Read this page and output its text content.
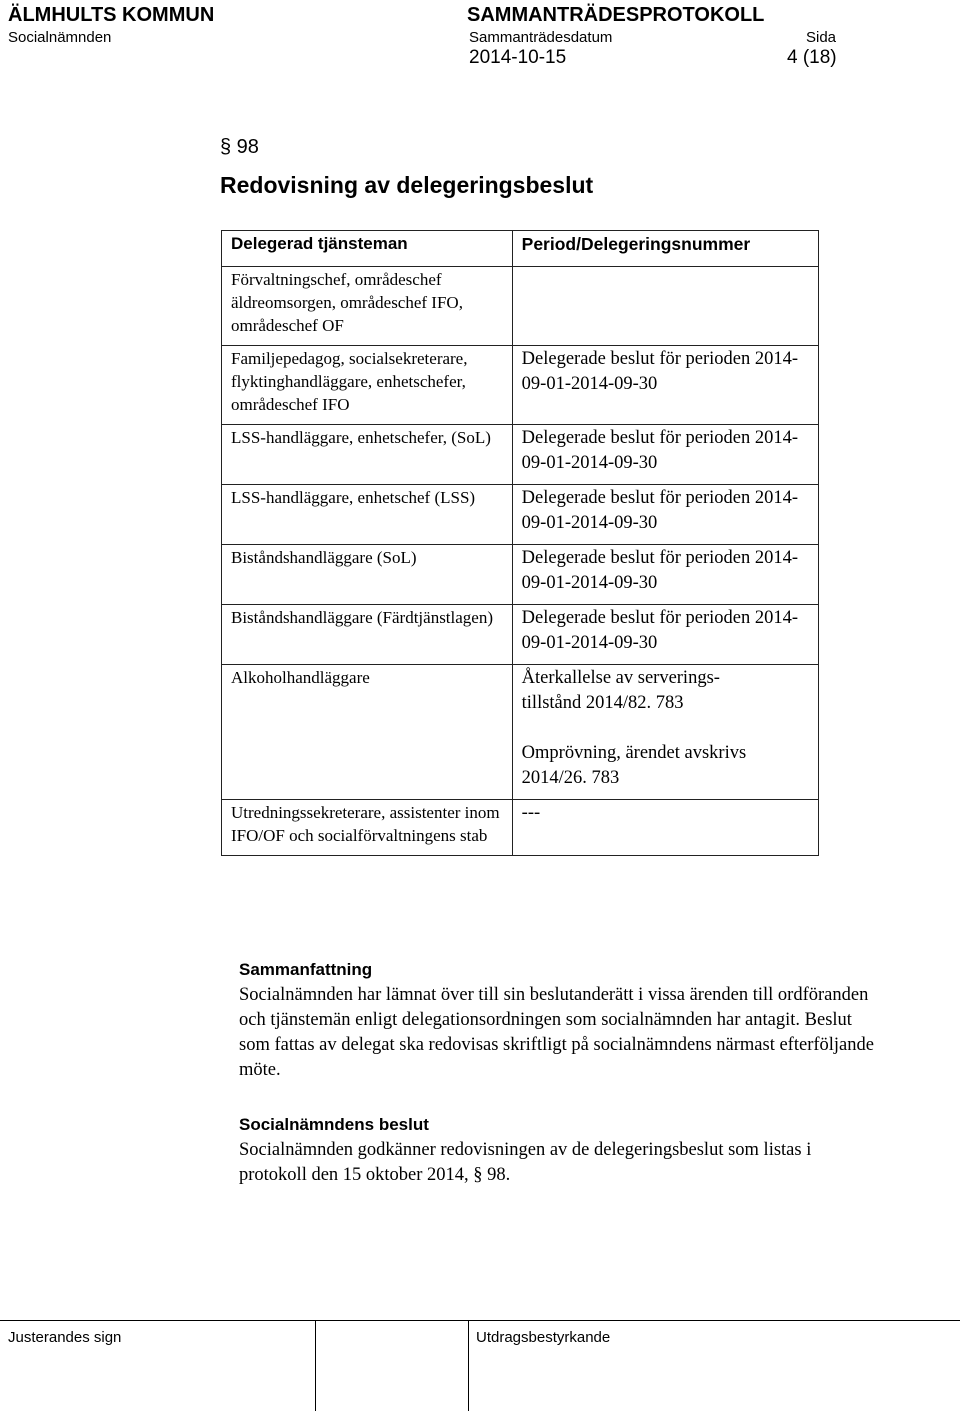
ÄLMHULTS KOMMUN
Socialnämnden
SAMMANTRÄDESPROTOKOLL
Sammanträdesdatum	Sida
2014-10-15	4 (18)
§ 98
Redovisning av delegeringsbeslut
Delegerad tjänsteman	Period/Delegeringsnummer
Förvaltningschef, områdeschef äldreomsorgen, områdeschef IFO, områdeschef OF	
Familjepedagog, socialsekreterare, flyktinghandläggare, enhetschefer, områdeschef IFO	Delegerade beslut för perioden 2014-09-01-2014-09-30
LSS-handläggare, enhetschefer, (SoL)	Delegerade beslut för perioden 2014-09-01-2014-09-30
LSS-handläggare, enhetschef (LSS)	Delegerade beslut för perioden 2014-09-01-2014-09-30
Biståndshandläggare (SoL)	Delegerade beslut för perioden 2014-09-01-2014-09-30
Biståndshandläggare (Färdtjänstlagen)	Delegerade beslut för perioden 2014-09-01-2014-09-30
Alkoholhandläggare	Återkallelse av serverings-
tillstånd 2014/82. 783
Omprövning, ärendet avskrivs
2014/26. 783

Utredningssekreterare, assistenter inom IFO/OF och socialförvaltningens stab	---
Sammanfattning
Socialnämnden har lämnat över till sin beslutanderätt i vissa ärenden till ordföranden och tjänstemän enligt delegationsordningen som socialnämnden har antagit. Beslut som fattas av delegat ska redovisas skriftligt på socialnämndens närmast efterföljande möte.
Socialnämndens beslut
Socialnämnden godkänner redovisningen av de delegeringsbeslut som listas i protokoll den 15 oktober 2014, § 98.
Justerandes sign	Utdragsbestyrkande
